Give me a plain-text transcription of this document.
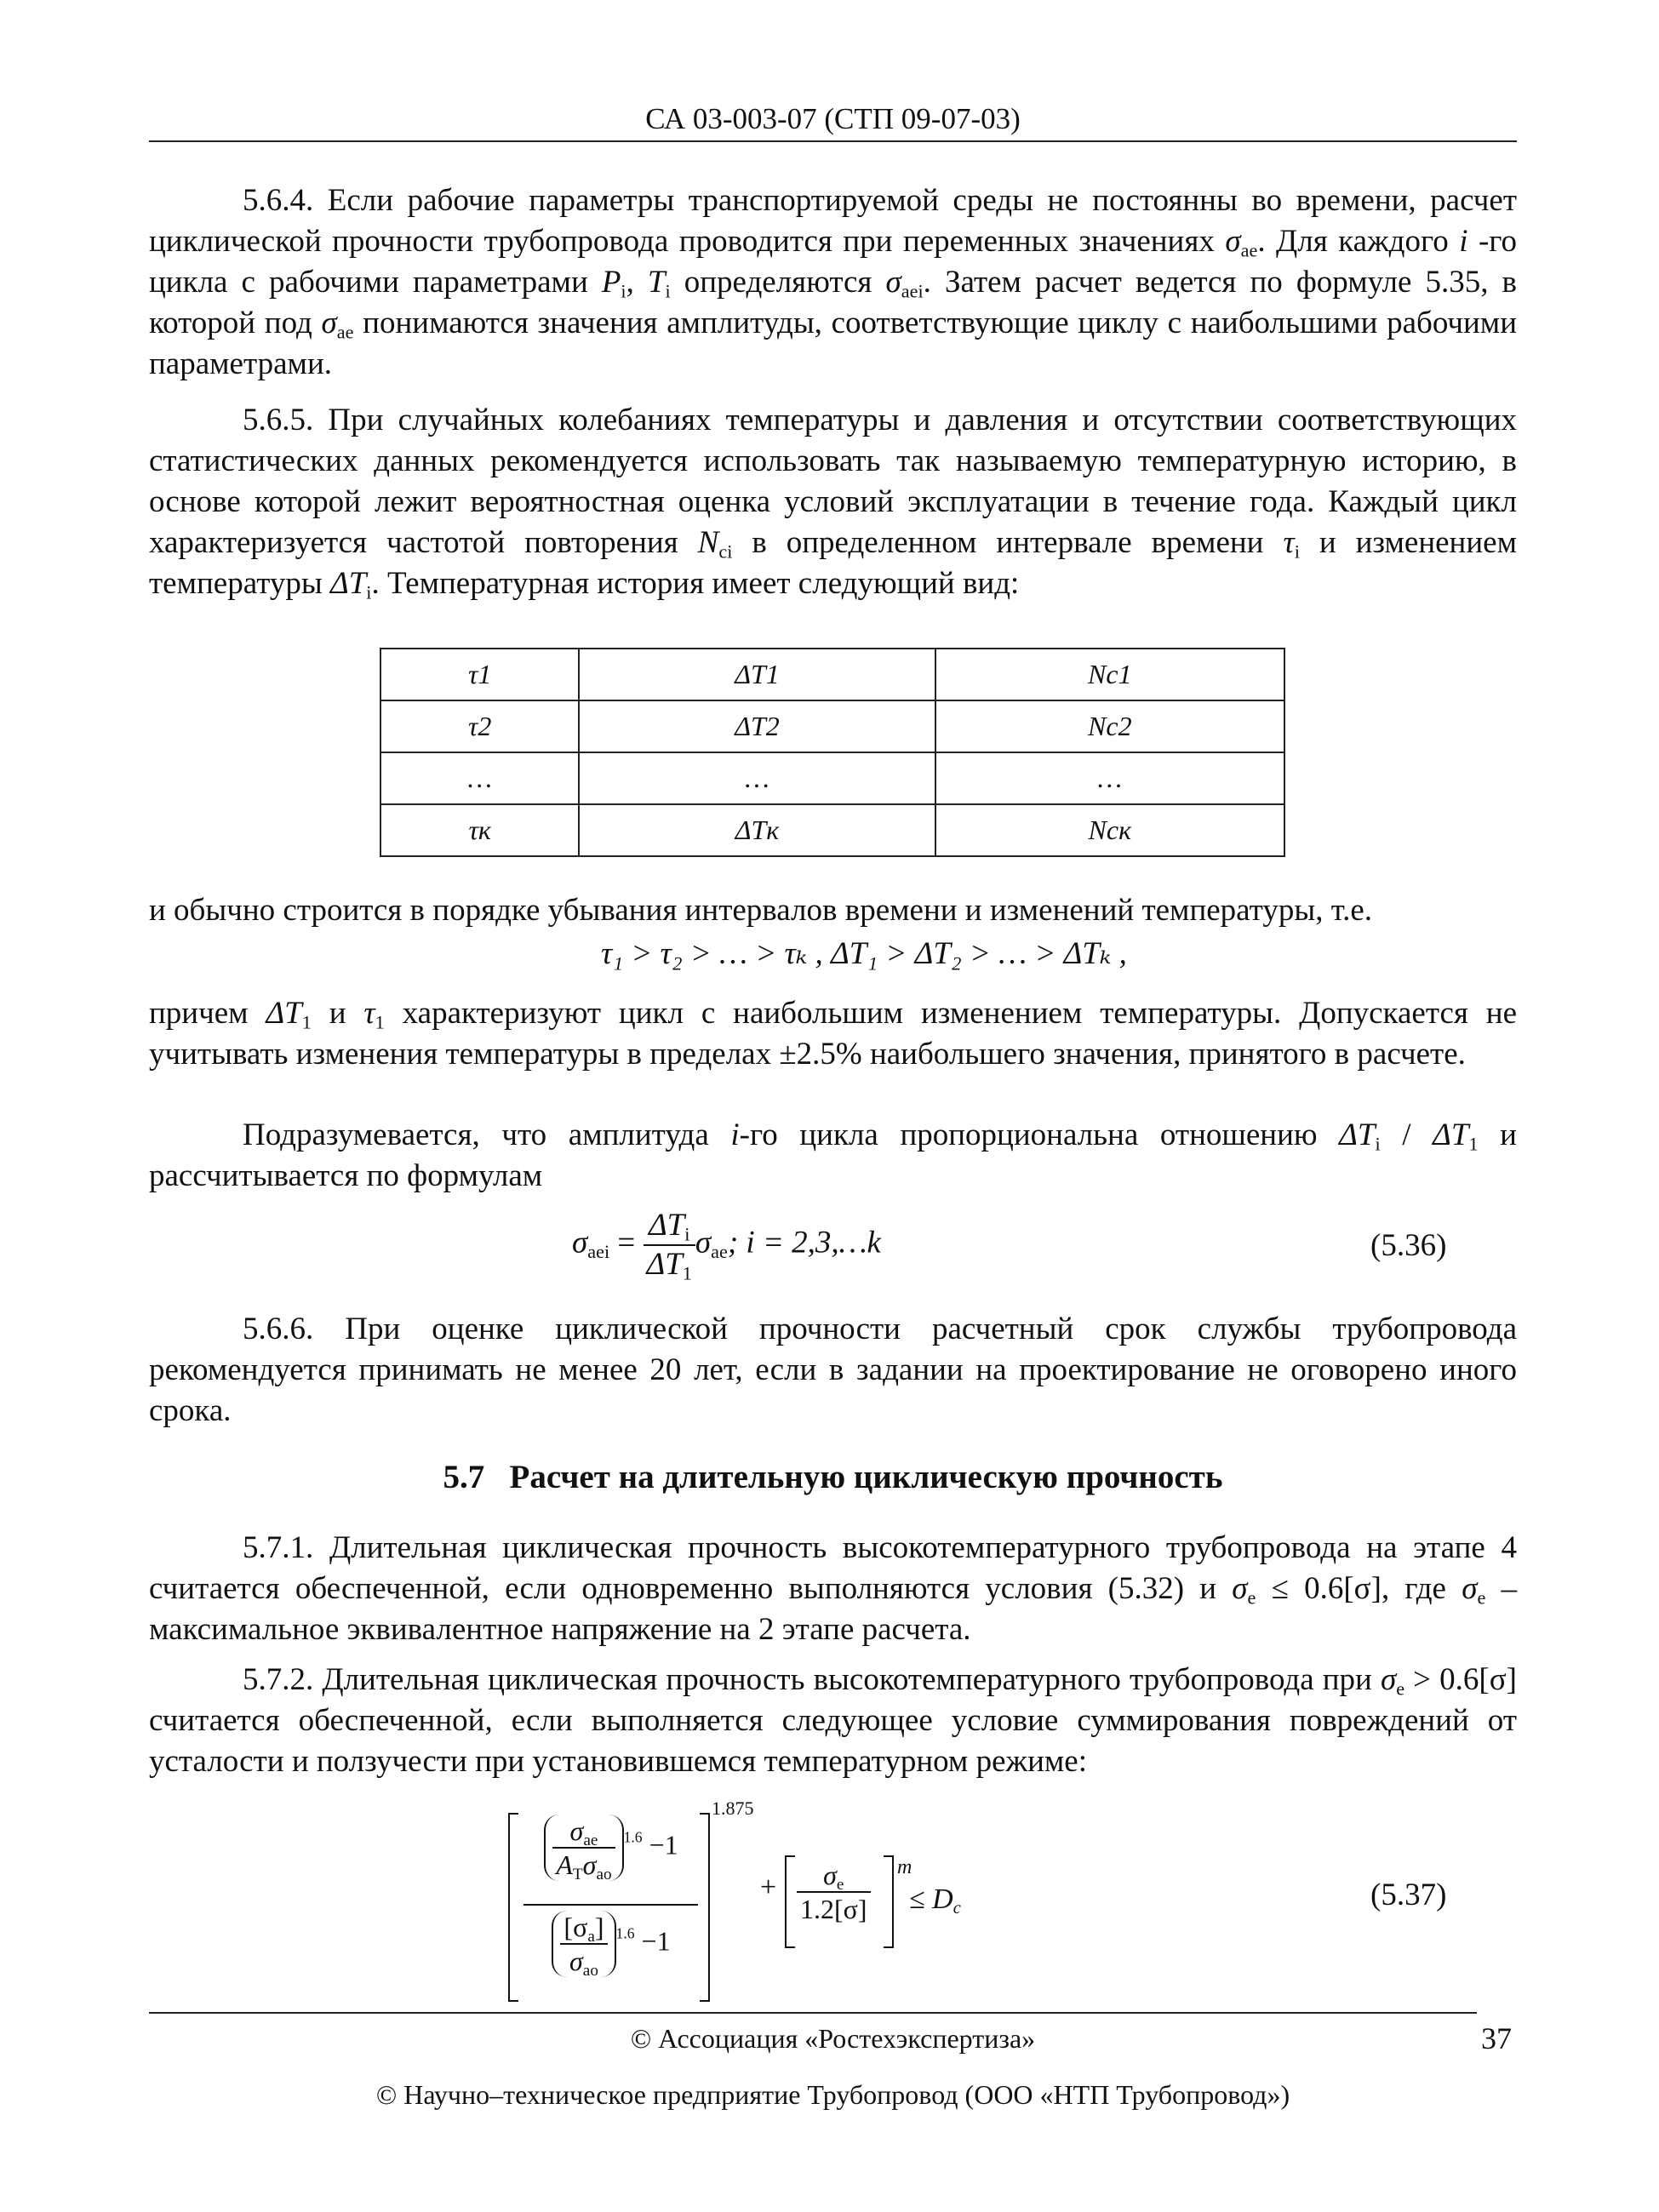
СА 03-003-07 (СТП 09-07-03)
5.6.4. Если рабочие параметры транспортируемой среды не постоянны во времени, расчет циклической прочности трубопровода проводится при переменных значениях $\sigma_{ae}$. Для каждого i -го цикла с рабочими параметрами $P_i$, $T_i$ определяются $\sigma_{aei}$. Затем расчет ведется по формуле 5.35, в которой под $\sigma_{ae}$ понимаются значения амплитуды, соответствующие циклу с наибольшими рабочими параметрами.
5.6.5. При случайных колебаниях температуры и давления и отсутствии соответствующих статистических данных рекомендуется использовать так называемую температурную историю, в основе которой лежит вероятностная оценка условий эксплуатации в течение года. Каждый цикл характеризуется частотой повторения $N_{ci}$ в определенном интервале времени $\tau_i$ и изменением температуры $\Delta T_i$. Температурная история имеет следующий вид:
τ1	ΔT1	Nc1
τ2	ΔT2	Nc2
…	…	…
τк	ΔTк	Nск
и обычно строится в порядке убывания интервалов времени и изменений температуры, т.е.
τ₁ > τ₂ > … > τₖ , ΔT₁ > ΔT₂ > … > ΔTₖ ,
причем $\Delta T_1$ и $\tau_1$ характеризуют цикл с наибольшим изменением температуры. Допускается не учитывать изменения температуры в пределах ±2.5% наибольшего значения, принятого в расчете.
Подразумевается, что амплитуда i-го цикла пропорциональна отношению $\Delta T_i / \Delta T_1$ и рассчитывается по формулам
$\sigma_{aei} = \frac{\Delta T_i}{\Delta T_1} \sigma_{ae}$; i = 2,3,…k	(5.36)
5.6.6. При оценке циклической прочности расчетный срок службы трубопровода рекомендуется принимать не менее 20 лет, если в задании на проектирование не оговорено иного срока.
5.7 Расчет на длительную циклическую прочность
5.7.1. Длительная циклическая прочность высокотемпературного трубопровода на этапе 4 считается обеспеченной, если одновременно выполняются условия (5.32) и $\sigma_e \le 0.6[\sigma]$, где $\sigma_e$ – максимальное эквивалентное напряжение на 2 этапе расчета.
5.7.2. Длительная циклическая прочность высокотемпературного трубопровода при $\sigma_e > 0.6[\sigma]$ считается обеспеченной, если выполняется следующее условие суммирования повреждений от усталости и ползучести при установившемся температурном режиме:
1.875
$\frac{\sigma_{ae}}{A_T\sigma_{ao}} ^{1.6} -1$
$\frac{[\sigma_a]}{\sigma_{ao}} ^{1.6} -1$
+ $\frac{\sigma_e}{1.2[\sigma]}$ m
≤ $D_c$	(5.37)
© Ассоциация «Ростехэкспертиза»	37
© Научно–техническое предприятие Трубопровод (ООО «НТП Трубопровод»)
